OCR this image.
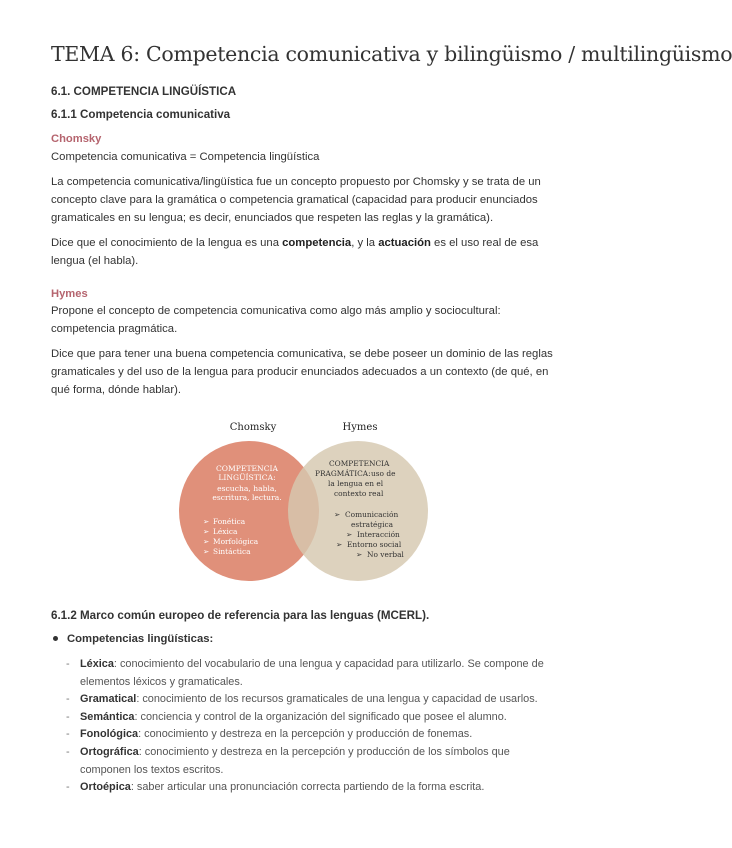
TEMA 6: Competencia comunicativa y bilingüismo / multilingüismo
6.1. COMPETENCIA LINGÜÍSTICA
6.1.1 Competencia comunicativa
Chomsky
Competencia comunicativa = Competencia lingüística
La competencia comunicativa/lingüística fue un concepto propuesto por Chomsky y se trata de un concepto clave para la gramática o competencia gramatical (capacidad para producir enunciados gramaticales en su lengua; es decir, enunciados que respeten las reglas y la gramática).
Dice que el conocimiento de la lengua es una competencia, y la actuación es el uso real de esa lengua (el habla).
Hymes
Propone el concepto de competencia comunicativa como algo más amplio y sociocultural: competencia pragmática.
Dice que para tener una buena competencia comunicativa, se debe poseer un dominio de las reglas gramaticales y del uso de la lengua para producir enunciados adecuados a un contexto (de qué, en qué forma, dónde hablar).
Chomsky	Hymes
COMPETENCIA
LINGÜÍSTICA:
escucha, habla,
escritura, lectura.
➢ Fonética
➢ Léxica
➢ Morfológica
➢ Sintáctica
COMPETENCIA
PRAGMÁTICA: uso de
la lengua en el
contexto real
➢ Comunicación
estratégica
➢ Interacción
➢ Entorno social
➢ No verbal
6.1.2 Marco común europeo de referencia para las lenguas (MCERL).
Competencias lingüísticas:
- Léxica: conocimiento del vocabulario de una lengua y capacidad para utilizarlo. Se compone de elementos léxicos y gramaticales.
- Gramatical: conocimiento de los recursos gramaticales de una lengua y capacidad de usarlos.
- Semántica: conciencia y control de la organización del significado que posee el alumno.
- Fonológica: conocimiento y destreza en la percepción y producción de fonemas.
- Ortográfica: conocimiento y destreza en la percepción y producción de los símbolos que componen los textos escritos.
- Ortoépica: saber articular una pronunciación correcta partiendo de la forma escrita.
